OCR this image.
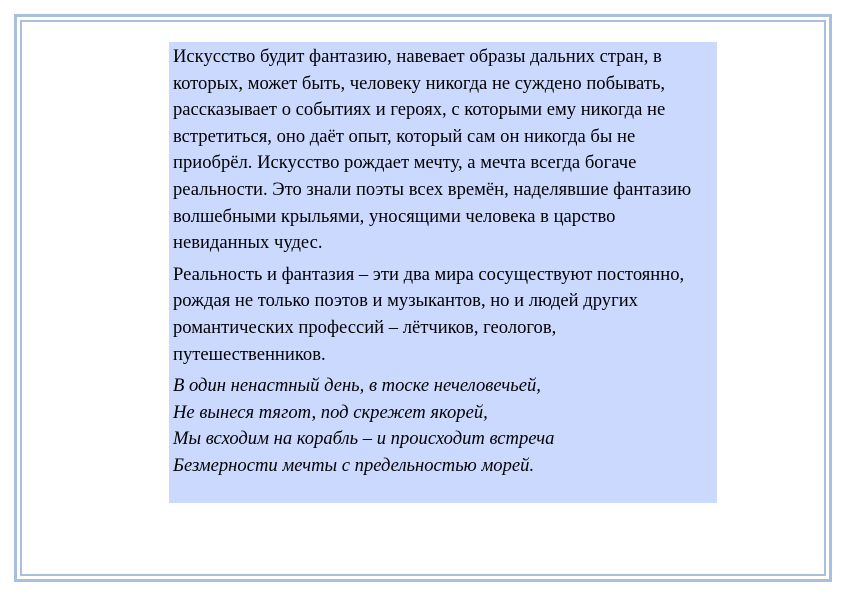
Искусство будит фантазию, навевает образы дальних стран, в которых, может быть, человеку никогда не суждено побывать, рассказывает о событиях и героях, с которыми ему никогда не встретиться, оно даёт опыт, который сам он никогда бы не приобрёл. Искусство рождает мечту, а мечта всегда богаче реальности. Это знали поэты всех времён, наделявшие фантазию волшебными крыльями, уносящими человека в царство невиданных чудес.

Реальность и фантазия – эти два мира сосуществуют постоянно, рождая не только поэтов и музыкантов, но и людей других романтических профессий – лётчиков, геологов, путешественников.

В один ненастный день, в тоске нечеловечьей,
Не вынеся тягот, под скрежет якорей,
Мы всходим на корабль – и происходит встреча
Безмерности мечты с предельностью морей.
